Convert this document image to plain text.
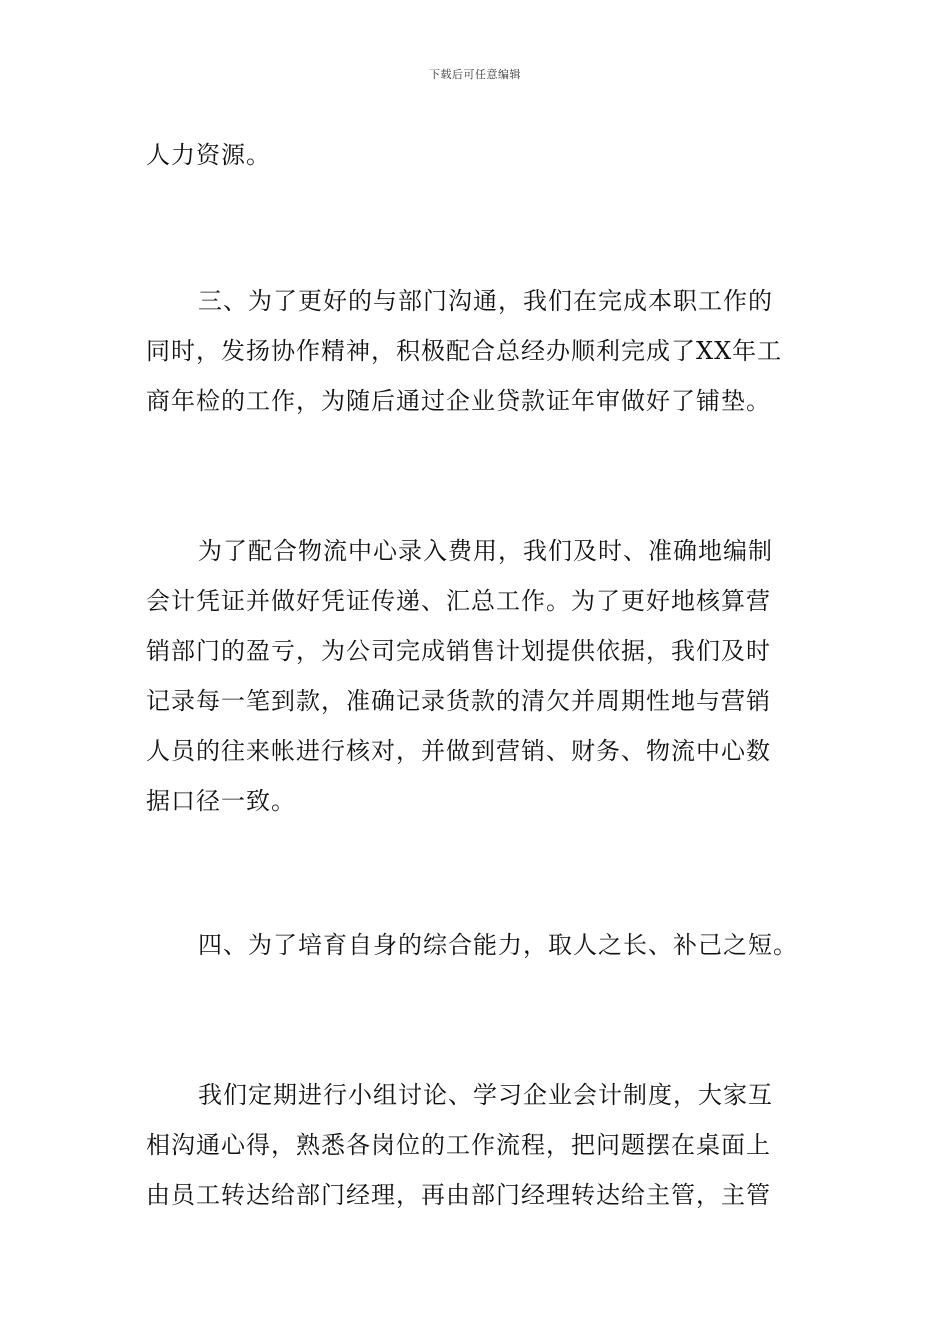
下载后可任意编辑
人力资源。
三、为了更好的与部门沟通，我们在完成本职工作的
同时，发扬协作精神，积极配合总经办顺利完成了XX年工
商年检的工作，为随后通过企业贷款证年审做好了铺垫。
为了配合物流中心录入费用，我们及时、准确地编制
会计凭证并做好凭证传递、汇总工作。为了更好地核算营
销部门的盈亏，为公司完成销售计划提供依据，我们及时
记录每一笔到款，准确记录货款的清欠并周期性地与营销
人员的往来帐进行核对，并做到营销、财务、物流中心数
据口径一致。
四、为了培育自身的综合能力，取人之长、补己之短。
我们定期进行小组讨论、学习企业会计制度，大家互
相沟通心得，熟悉各岗位的工作流程，把问题摆在桌面上
由员工转达给部门经理，再由部门经理转达给主管，主管
